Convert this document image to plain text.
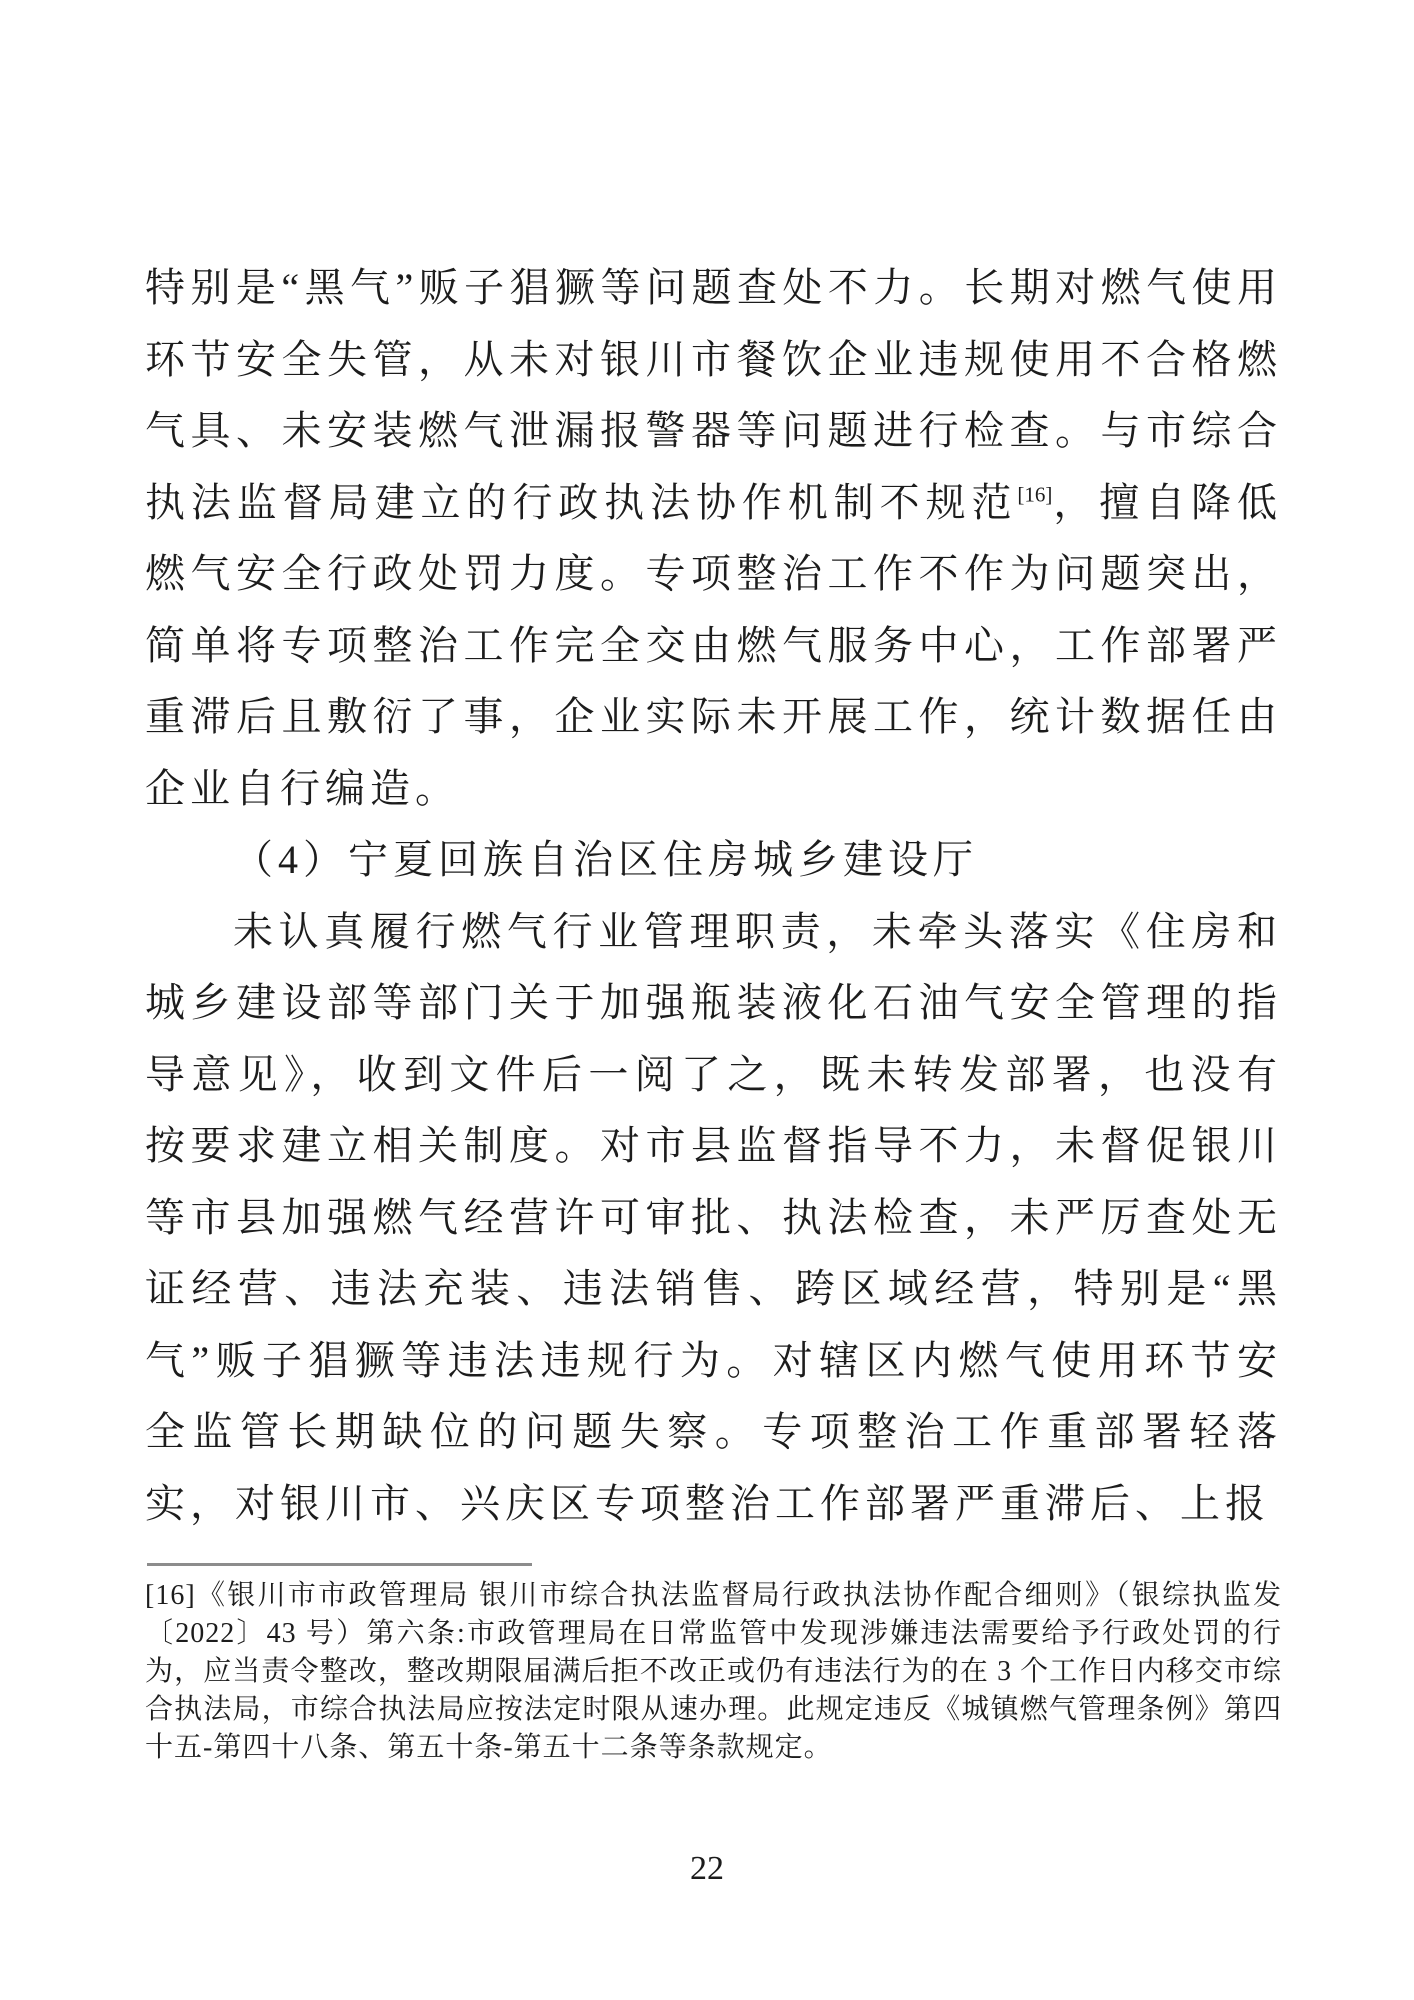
特别是“黑气”贩子猖獗等问题查处不力。长期对燃气使用环节安全失管，从未对银川市餐饮企业违规使用不合格燃气具、未安装燃气泄漏报警器等问题进行检查。与市综合执法监督局建立的行政执法协作机制不规范[16]，擅自降低燃气安全行政处罚力度。专项整治工作不作为问题突出，简单将专项整治工作完全交由燃气服务中心，工作部署严重滞后且敷衍了事，企业实际未开展工作，统计数据任由企业自行编造。

（4）宁夏回族自治区住房城乡建设厅

未认真履行燃气行业管理职责，未牵头落实《住房和城乡建设部等部门关于加强瓶装液化石油气安全管理的指导意见》，收到文件后一阅了之，既未转发部署，也没有按要求建立相关制度。对市县监督指导不力，未督促银川等市县加强燃气经营许可审批、执法检查，未严厉查处无证经营、违法充装、违法销售、跨区域经营，特别是“黑气”贩子猖獗等违法违规行为。对辖区内燃气使用环节安全监管长期缺位的问题失察。专项整治工作重部署轻落实，对银川市、兴庆区专项整治工作部署严重滞后、上报

[16]《银川市市政管理局 银川市综合执法监督局行政执法协作配合细则》（银综执监发〔2022〕43 号）第六条:市政管理局在日常监管中发现涉嫌违法需要给予行政处罚的行为，应当责令整改，整改期限届满后拒不改正或仍有违法行为的在 3 个工作日内移交市综合执法局，市综合执法局应按法定时限从速办理。此规定违反《城镇燃气管理条例》第四十五-第四十八条、第五十条-第五十二条等条款规定。
22
